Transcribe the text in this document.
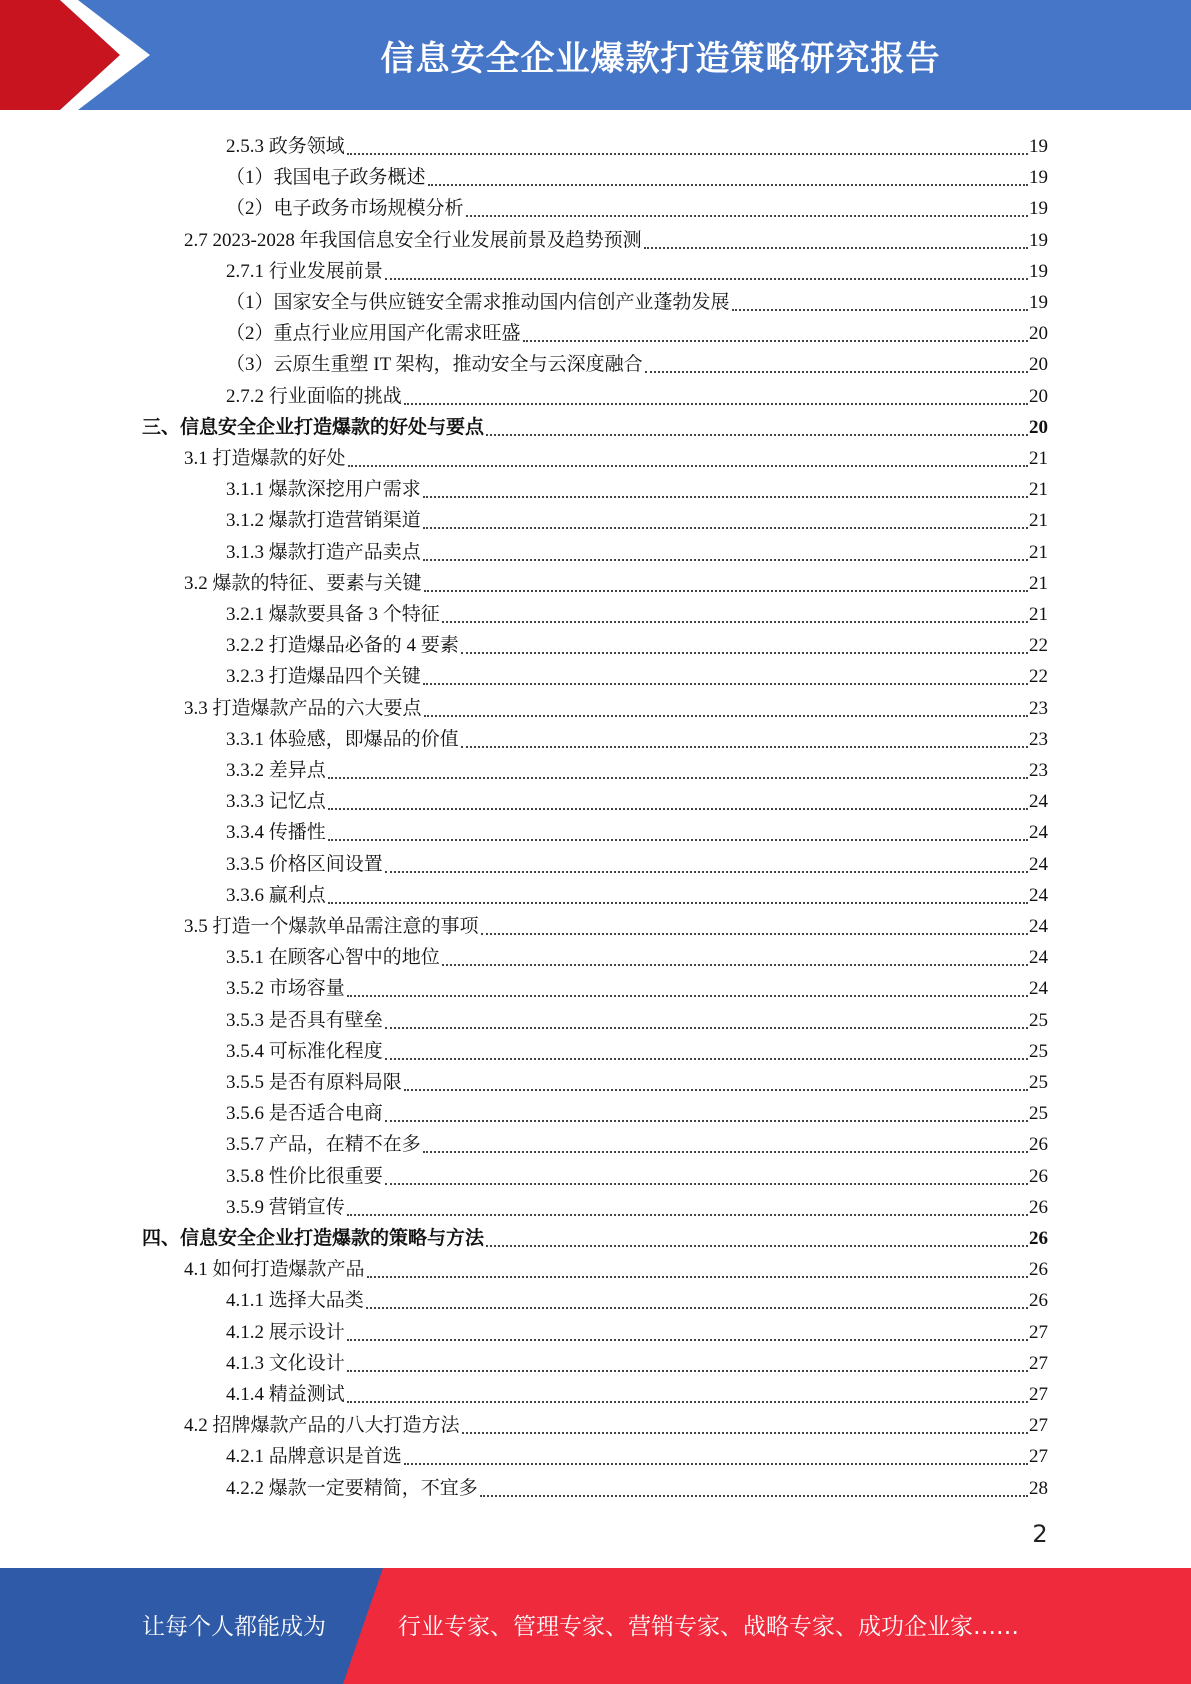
信息安全企业爆款打造策略研究报告
2.5.3 政务领域	19
（1）我国电子政务概述	19
（2）电子政务市场规模分析	19
2.7 2023-2028 年我国信息安全行业发展前景及趋势预测	19
2.7.1 行业发展前景	19
（1）国家安全与供应链安全需求推动国内信创产业蓬勃发展	19
（2）重点行业应用国产化需求旺盛	20
（3）云原生重塑 IT 架构，推动安全与云深度融合	20
2.7.2 行业面临的挑战	20
三、信息安全企业打造爆款的好处与要点	20
3.1 打造爆款的好处	21
3.1.1 爆款深挖用户需求	21
3.1.2 爆款打造营销渠道	21
3.1.3 爆款打造产品卖点	21
3.2 爆款的特征、要素与关键	21
3.2.1 爆款要具备 3 个特征	21
3.2.2 打造爆品必备的 4 要素	22
3.2.3 打造爆品四个关键	22
3.3 打造爆款产品的六大要点	23
3.3.1 体验感，即爆品的价值	23
3.3.2 差异点	23
3.3.3 记忆点	24
3.3.4 传播性	24
3.3.5 价格区间设置	24
3.3.6 赢利点	24
3.5 打造一个爆款单品需注意的事项	24
3.5.1 在顾客心智中的地位	24
3.5.2 市场容量	24
3.5.3 是否具有壁垒	25
3.5.4 可标准化程度	25
3.5.5 是否有原料局限	25
3.5.6 是否适合电商	25
3.5.7 产品，在精不在多	26
3.5.8 性价比很重要	26
3.5.9 营销宣传	26
四、信息安全企业打造爆款的策略与方法	26
4.1 如何打造爆款产品	26
4.1.1 选择大品类	26
4.1.2 展示设计	27
4.1.3 文化设计	27
4.1.4 精益测试	27
4.2 招牌爆款产品的八大打造方法	27
4.2.1 品牌意识是首选	27
4.2.2 爆款一定要精简，不宜多	28
2
让每个人都能成为	行业专家、管理专家、营销专家、战略专家、成功企业家……
